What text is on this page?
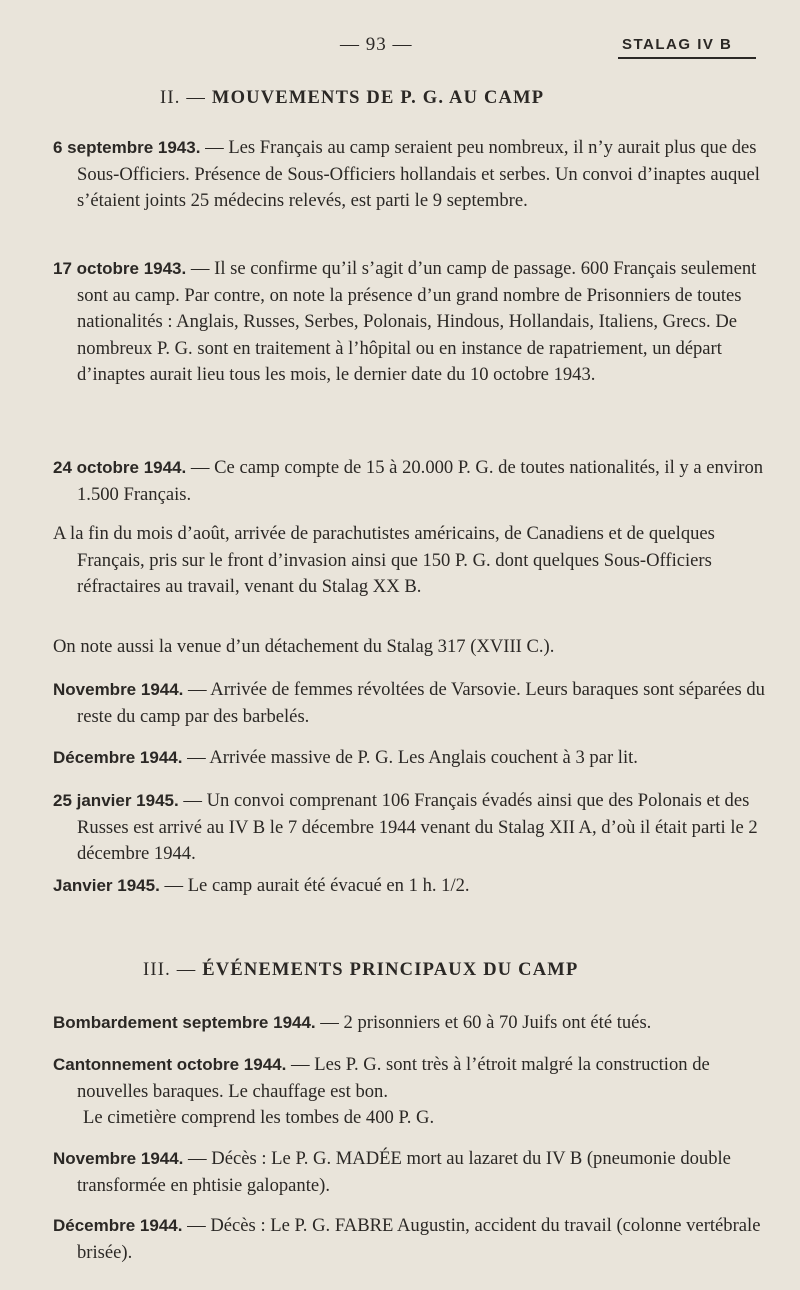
— 93 —	STALAG IV B
II. — MOUVEMENTS DE P. G. AU CAMP
6 septembre 1943. — Les Français au camp seraient peu nombreux, il n’y aurait plus que des Sous-Officiers. Présence de Sous-Officiers hollandais et serbes. Un convoi d’inaptes auquel s’étaient joints 25 médecins relevés, est parti le 9 septembre.
17 octobre 1943. — Il se confirme qu’il s’agit d’un camp de passage. 600 Français seulement sont au camp. Par contre, on note la présence d’un grand nombre de Prisonniers de toutes nationalités : Anglais, Russes, Serbes, Polonais, Hindous, Hollandais, Italiens, Grecs. De nombreux P. G. sont en traitement à l’hôpital ou en instance de rapatriement, un départ d’inaptes aurait lieu tous les mois, le dernier date du 10 octobre 1943.
24 octobre 1944. — Ce camp compte de 15 à 20.000 P. G. de toutes nationalités, il y a environ 1.500 Français.
A la fin du mois d’août, arrivée de parachutistes américains, de Canadiens et de quelques Français, pris sur le front d’invasion ainsi que 150 P. G. dont quelques Sous-Officiers réfractaires au travail, venant du Stalag XX B.
On note aussi la venue d’un détachement du Stalag 317 (XVIII C.).
Novembre 1944. — Arrivée de femmes révoltées de Varsovie. Leurs baraques sont séparées du reste du camp par des barbelés.
Décembre 1944. — Arrivée massive de P. G. Les Anglais couchent à 3 par lit.
25 janvier 1945. — Un convoi comprenant 106 Français évadés ainsi que des Polonais et des Russes est arrivé au IV B le 7 décembre 1944 venant du Stalag XII A, d’où il était parti le 2 décembre 1944.
Janvier 1945. — Le camp aurait été évacué en 1 h. 1/2.
III. — ÉVÉNEMENTS PRINCIPAUX DU CAMP
Bombardement septembre 1944. — 2 prisonniers et 60 à 70 Juifs ont été tués.
Cantonnement octobre 1944. — Les P. G. sont très à l’étroit malgré la construction de nouvelles baraques. Le chauffage est bon.
Le cimetière comprend les tombes de 400 P. G.
Novembre 1944. — Décès : Le P. G. MADÉE mort au lazaret du IV B (pneumonie double transformée en phtisie galopante).
Décembre 1944. — Décès : Le P. G. FABRE Augustin, accident du travail (colonne vertébrale brisée).
